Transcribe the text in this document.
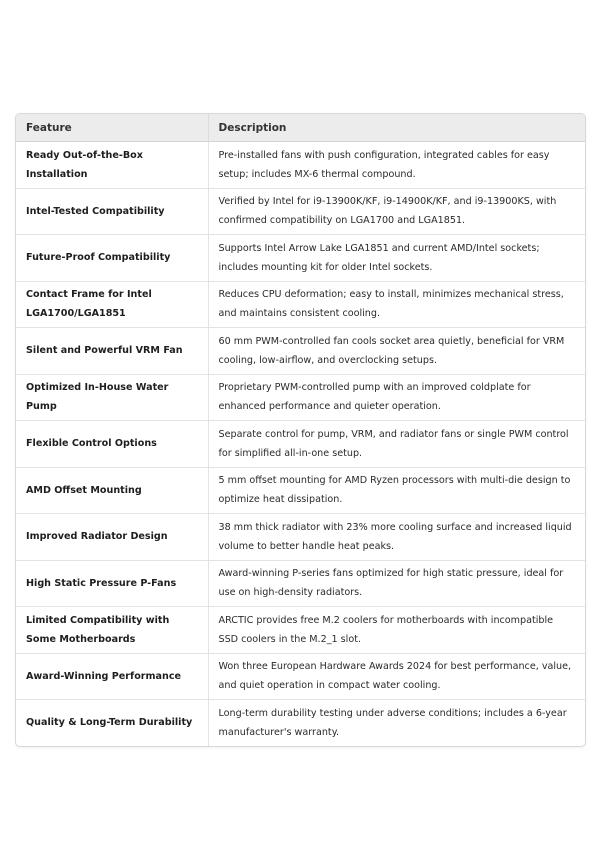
Feature	Description
Ready Out-of-the-Box Installation	Pre-installed fans with push configuration, integrated cables for easy setup; includes MX-6 thermal compound.
Intel-Tested Compatibility	Verified by Intel for i9-13900K/KF, i9-14900K/KF, and i9-13900KS, with confirmed compatibility on LGA1700 and LGA1851.
Future-Proof Compatibility	Supports Intel Arrow Lake LGA1851 and current AMD/Intel sockets; includes mounting kit for older Intel sockets.
Contact Frame for Intel LGA1700/LGA1851	Reduces CPU deformation; easy to install, minimizes mechanical stress, and maintains consistent cooling.
Silent and Powerful VRM Fan	60 mm PWM-controlled fan cools socket area quietly, beneficial for VRM cooling, low-airflow, and overclocking setups.
Optimized In-House Water Pump	Proprietary PWM-controlled pump with an improved coldplate for enhanced performance and quieter operation.
Flexible Control Options	Separate control for pump, VRM, and radiator fans or single PWM control for simplified all-in-one setup.
AMD Offset Mounting	5 mm offset mounting for AMD Ryzen processors with multi-die design to optimize heat dissipation.
Improved Radiator Design	38 mm thick radiator with 23% more cooling surface and increased liquid volume to better handle heat peaks.
High Static Pressure P-Fans	Award-winning P-series fans optimized for high static pressure, ideal for use on high-density radiators.
Limited Compatibility with Some Motherboards	ARCTIC provides free M.2 coolers for motherboards with incompatible SSD coolers in the M.2_1 slot.
Award-Winning Performance	Won three European Hardware Awards 2024 for best performance, value, and quiet operation in compact water cooling.
Quality & Long-Term Durability	Long-term durability testing under adverse conditions; includes a 6-year manufacturer's warranty.
